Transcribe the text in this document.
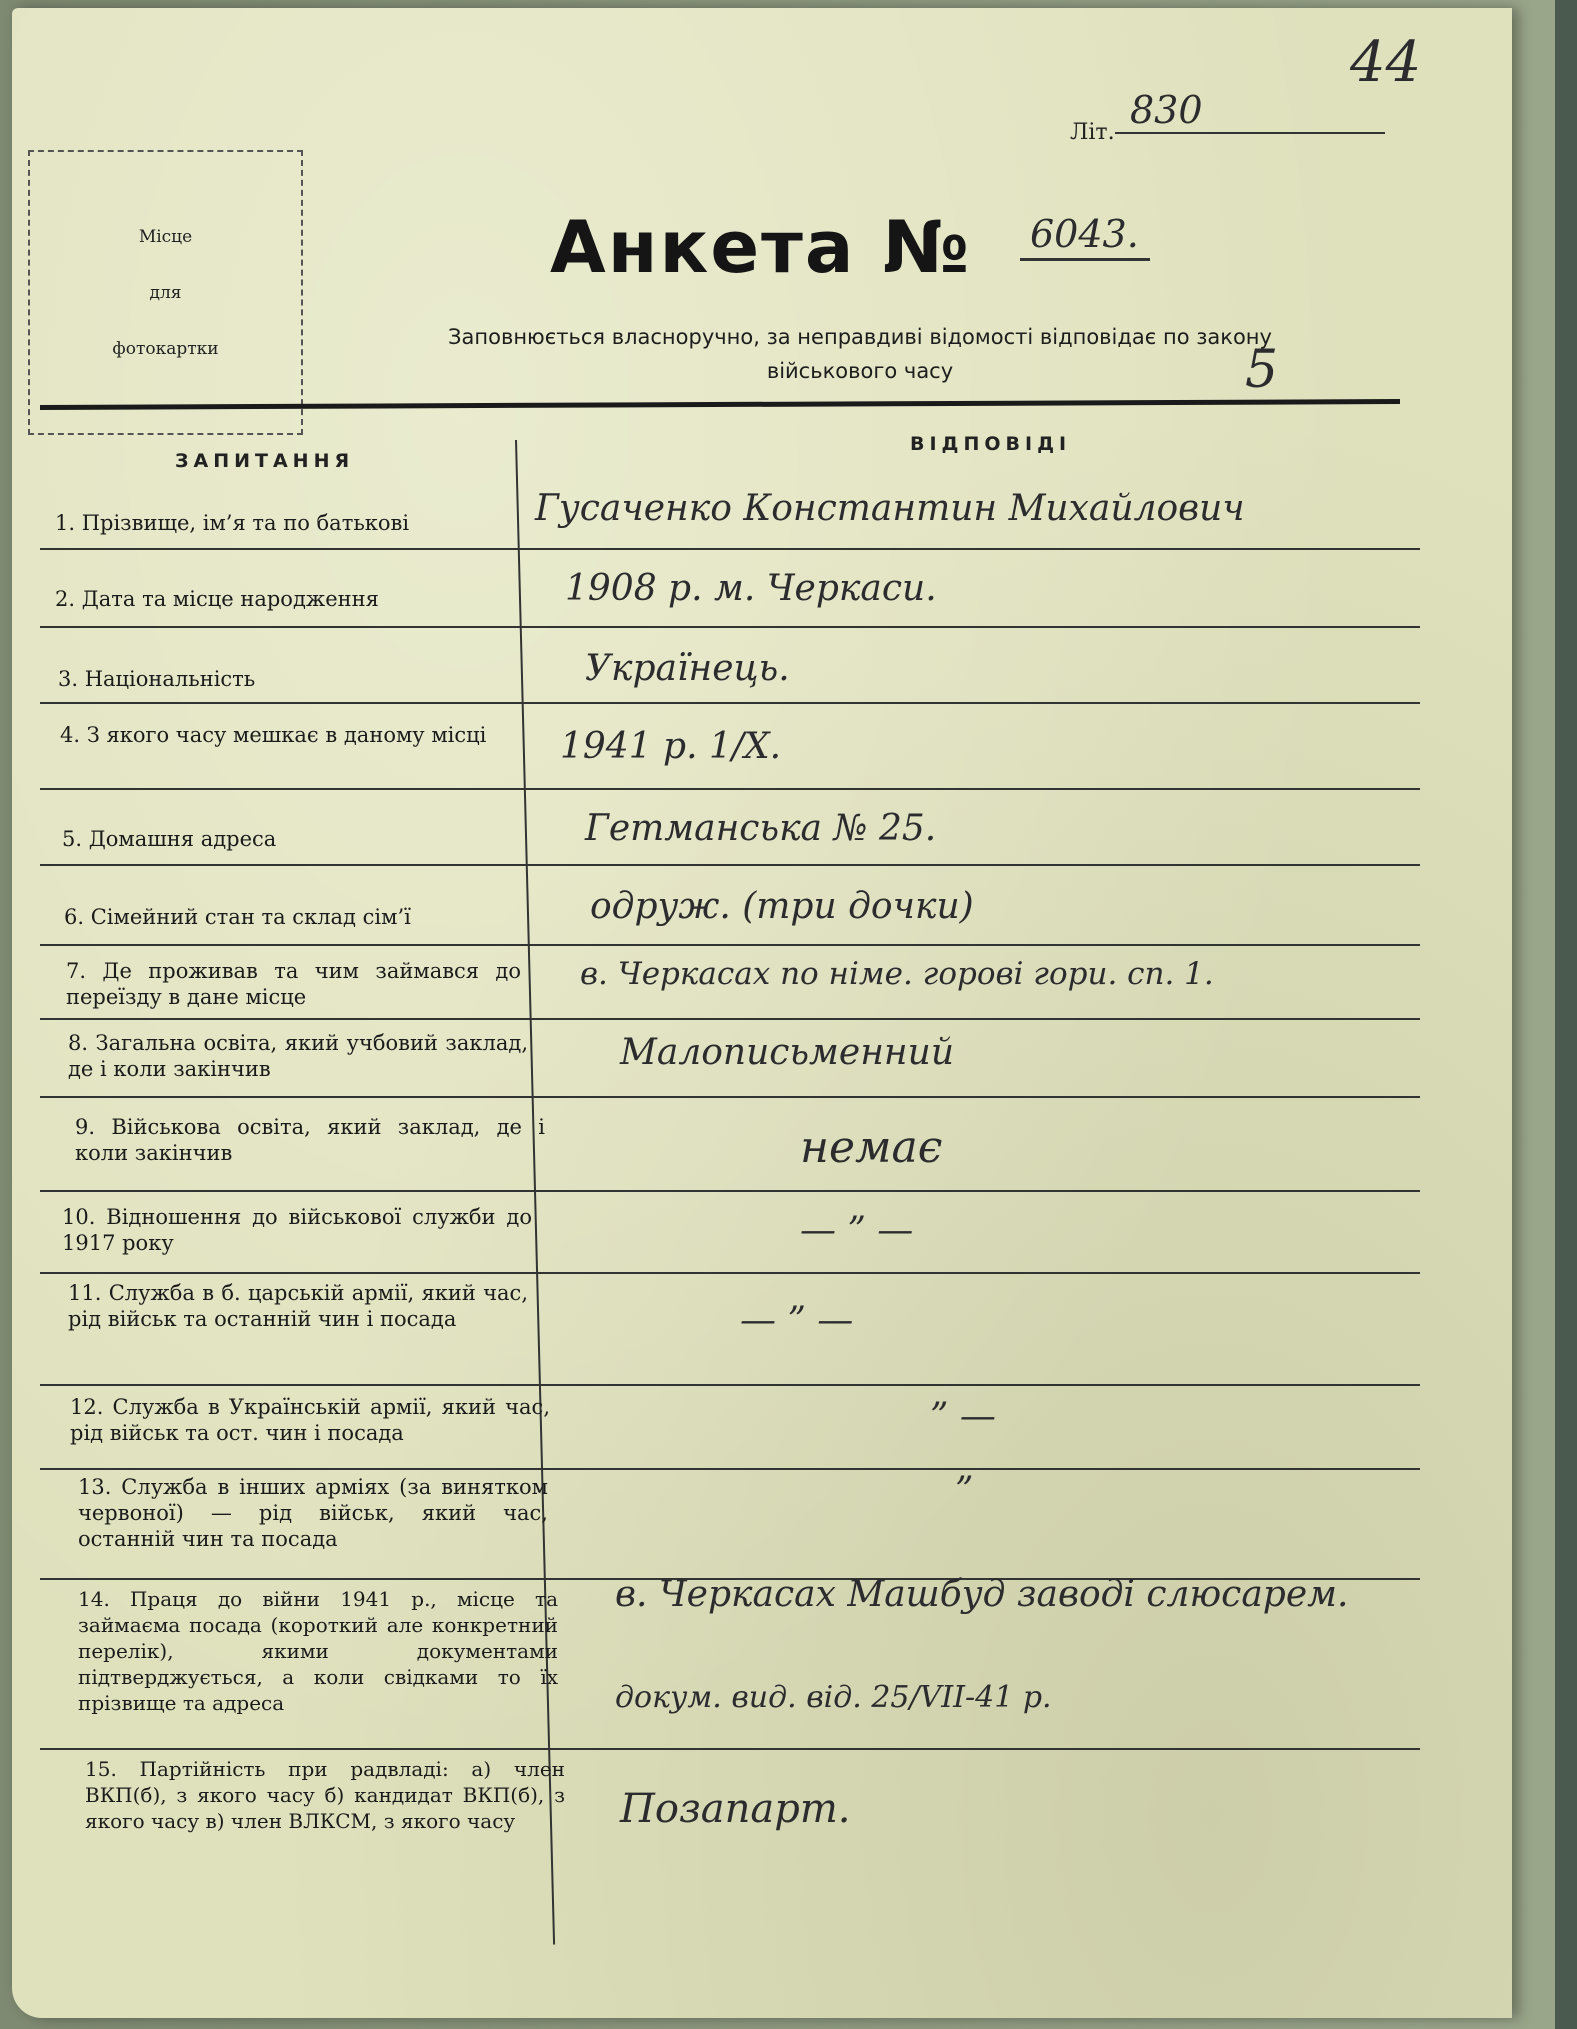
44
Літ.
830
Місце
для
фотокартки
Анкета № 6043.
Заповнюється власноручно, за неправдиві відомості відповідає по закону
військового часу	5
ЗАПИТАННЯ
ВІДПОВІДІ
1. Прізвище, ім’я та по батькові	Гусаченко Константин Михайлович
2. Дата та місце народження	1908 р. м. Черкаси.
3. Національність	Українець.
4. З якого часу мешкає в даному місці 1941 р. 1/Х.
5. Домашня адреса	Гетманська № 25.
6. Сімейний стан та склад сім’ї	одруж. (три дочки)
7. Де проживав та чим займався до переїзду в дане місце
в. Черкасах по німе. горові гори. сп. 1.
8. Загальна освіта, який учбовий заклад, де і коли закінчив	Малописьменний
9. Військова освіта, який заклад, де і коли закінчив	немає
10. Відношення до військової служби до 1917 року	— ” —
11. Служба в б. царській армії, який час, рід військ та останній чин і посада	— ” —
12. Служба в Українській армії, який час, рід військ та ост. чин і посада	” —
13. Служба в інших арміях (за винятком червоної) — рід військ, який час, останній чин та посада
”
14. Праця до війни 1941 р., місце та займаєма посада (короткий але конкретний перелік), якими документами підтверджується, а коли свідками то їх прізвище та адреса
в. Черкасах Машбуд заводі слюсарем.
докум. вид. від. 25/VІІ-41 р.
15. Партійність при радвладі: а) член ВКП(б), з якого часу б) кандидат ВКП(б), з якого часу в) член ВЛКСМ, з якого часу	Позапарт.
